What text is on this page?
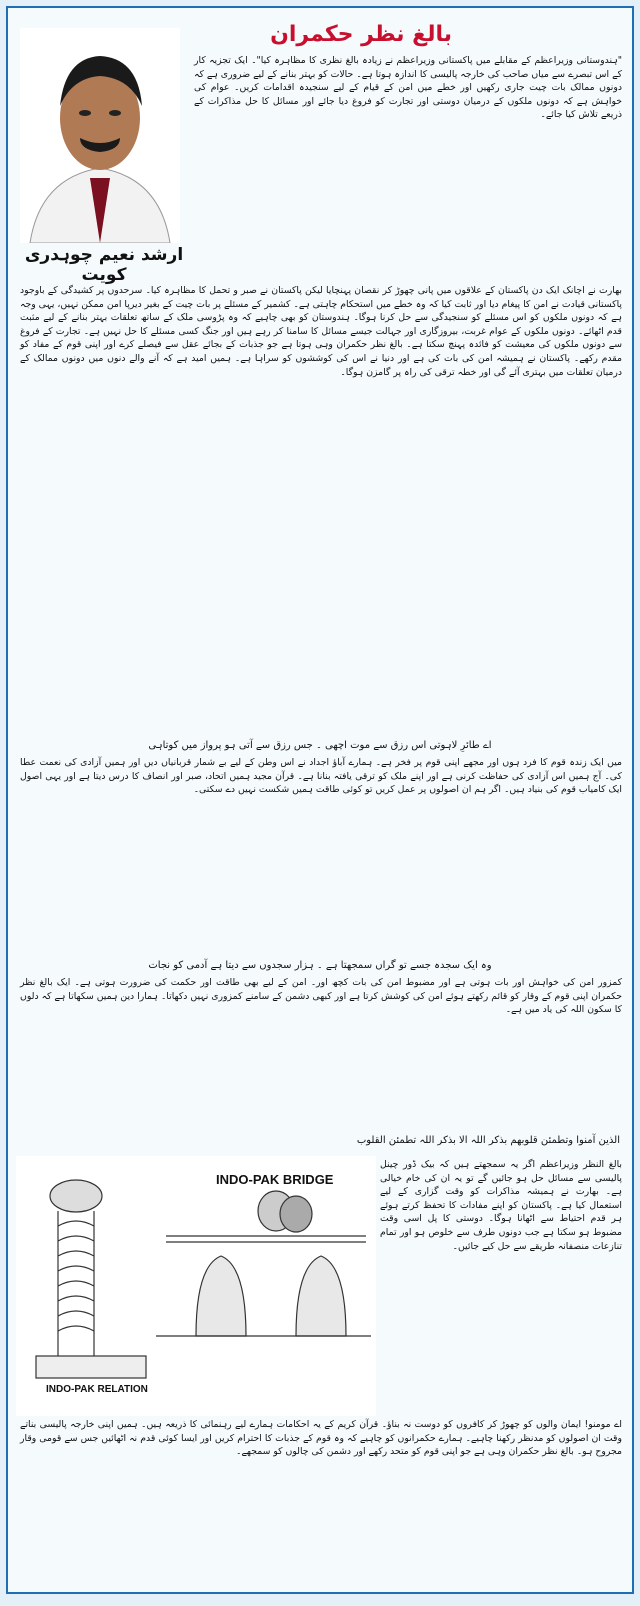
بالغ نظر حکمران
ارشد نعیم چوہدری کویت
"ہندوستانی وزیراعظم کے مقابلے میں پاکستانی وزیراعظم نے زیادہ بالغ نظری کا مظاہرہ کیا"۔ ایک تجزیہ کار کے اس تبصرے سے میاں صاحب کی خارجہ پالیسی کا اندازہ ہوتا ہے۔ حالات کو بہتر بنانے کے لیے ضروری ہے کہ دونوں ممالک بات چیت جاری رکھیں اور خطے میں امن کے قیام کے لیے سنجیدہ اقدامات کریں۔ عوام کی خواہش ہے کہ دونوں ملکوں کے درمیان دوستی اور تجارت کو فروغ دیا جائے اور مسائل کا حل مذاکرات کے ذریعے تلاش کیا جائے۔
بھارت نے اچانک ایک دن پاکستان کے علاقوں میں پانی چھوڑ کر نقصان پہنچایا لیکن پاکستان نے صبر و تحمل کا مظاہرہ کیا۔ سرحدوں پر کشیدگی کے باوجود پاکستانی قیادت نے امن کا پیغام دیا اور ثابت کیا کہ وہ خطے میں استحکام چاہتی ہے۔ کشمیر کے مسئلے پر بات چیت کے بغیر دیرپا امن ممکن نہیں، یہی وجہ ہے کہ دونوں ملکوں کو اس مسئلے کو سنجیدگی سے حل کرنا ہوگا۔ ہندوستان کو بھی چاہیے کہ وہ پڑوسی ملک کے ساتھ تعلقات بہتر بنانے کے لیے مثبت قدم اٹھائے۔ دونوں ملکوں کے عوام غربت، بیروزگاری اور جہالت جیسے مسائل کا سامنا کر رہے ہیں اور جنگ کسی مسئلے کا حل نہیں ہے۔ تجارت کے فروغ سے دونوں ملکوں کی معیشت کو فائدہ پہنچ سکتا ہے۔ بالغ نظر حکمران وہی ہوتا ہے جو جذبات کے بجائے عقل سے فیصلے کرے اور اپنی قوم کے مفاد کو مقدم رکھے۔ پاکستان نے ہمیشہ امن کی بات کی ہے اور دنیا نے اس کی کوششوں کو سراہا ہے۔ ہمیں امید ہے کہ آنے والے دنوں میں دونوں ممالک کے درمیان تعلقات میں بہتری آئے گی اور خطہ ترقی کی راہ پر گامزن ہوگا۔
اے طائرِ لاہوتی اس رزق سے موت اچھی ۔ جس رزق سے آتی ہو پرواز میں کوتاہی
میں ایک زندہ قوم کا فرد ہوں اور مجھے اپنی قوم پر فخر ہے۔ ہمارے آباؤ اجداد نے اس وطن کے لیے بے شمار قربانیاں دیں اور ہمیں آزادی کی نعمت عطا کی۔ آج ہمیں اس آزادی کی حفاظت کرنی ہے اور اپنے ملک کو ترقی یافتہ بنانا ہے۔ قرآن مجید ہمیں اتحاد، صبر اور انصاف کا درس دیتا ہے اور یہی اصول ایک کامیاب قوم کی بنیاد ہیں۔ اگر ہم ان اصولوں پر عمل کریں تو کوئی طاقت ہمیں شکست نہیں دے سکتی۔
وہ ایک سجدہ جسے تو گراں سمجھتا ہے ۔ ہزار سجدوں سے دیتا ہے آدمی کو نجات
کمزور امن کی خواہش اور بات ہوتی ہے اور مضبوط امن کی بات کچھ اور۔ امن کے لیے بھی طاقت اور حکمت کی ضرورت ہوتی ہے۔ ایک بالغ نظر حکمران اپنی قوم کے وقار کو قائم رکھتے ہوئے امن کی کوشش کرتا ہے اور کبھی دشمن کے سامنے کمزوری نہیں دکھاتا۔ ہمارا دین ہمیں سکھاتا ہے کہ دلوں کا سکون اللہ کی یاد میں ہے۔
الذین آمنوا وتطمئن قلوبھم بذکر اللہ الا بذکر اللہ تطمئن القلوب
INDO-PAK RELATION
INDO-PAK BRIDGE
بالغ النظر وزیراعظم اگر یہ سمجھتے ہیں کہ بیک ڈور چینل پالیسی سے مسائل حل ہو جائیں گے تو یہ ان کی خام خیالی ہے۔ بھارت نے ہمیشہ مذاکرات کو وقت گزاری کے لیے استعمال کیا ہے۔ پاکستان کو اپنے مفادات کا تحفظ کرتے ہوئے ہر قدم احتیاط سے اٹھانا ہوگا۔ دوستی کا پل اسی وقت مضبوط ہو سکتا ہے جب دونوں طرف سے خلوص ہو اور تمام تنازعات منصفانہ طریقے سے حل کیے جائیں۔
اے مومنو! ایمان والوں کو چھوڑ کر کافروں کو دوست نہ بناؤ۔ قرآن کریم کے یہ احکامات ہمارے لیے رہنمائی کا ذریعہ ہیں۔ ہمیں اپنی خارجہ پالیسی بناتے وقت ان اصولوں کو مدنظر رکھنا چاہیے۔ ہمارے حکمرانوں کو چاہیے کہ وہ قوم کے جذبات کا احترام کریں اور ایسا کوئی قدم نہ اٹھائیں جس سے قومی وقار مجروح ہو۔ بالغ نظر حکمران وہی ہے جو اپنی قوم کو متحد رکھے اور دشمن کی چالوں کو سمجھے۔
